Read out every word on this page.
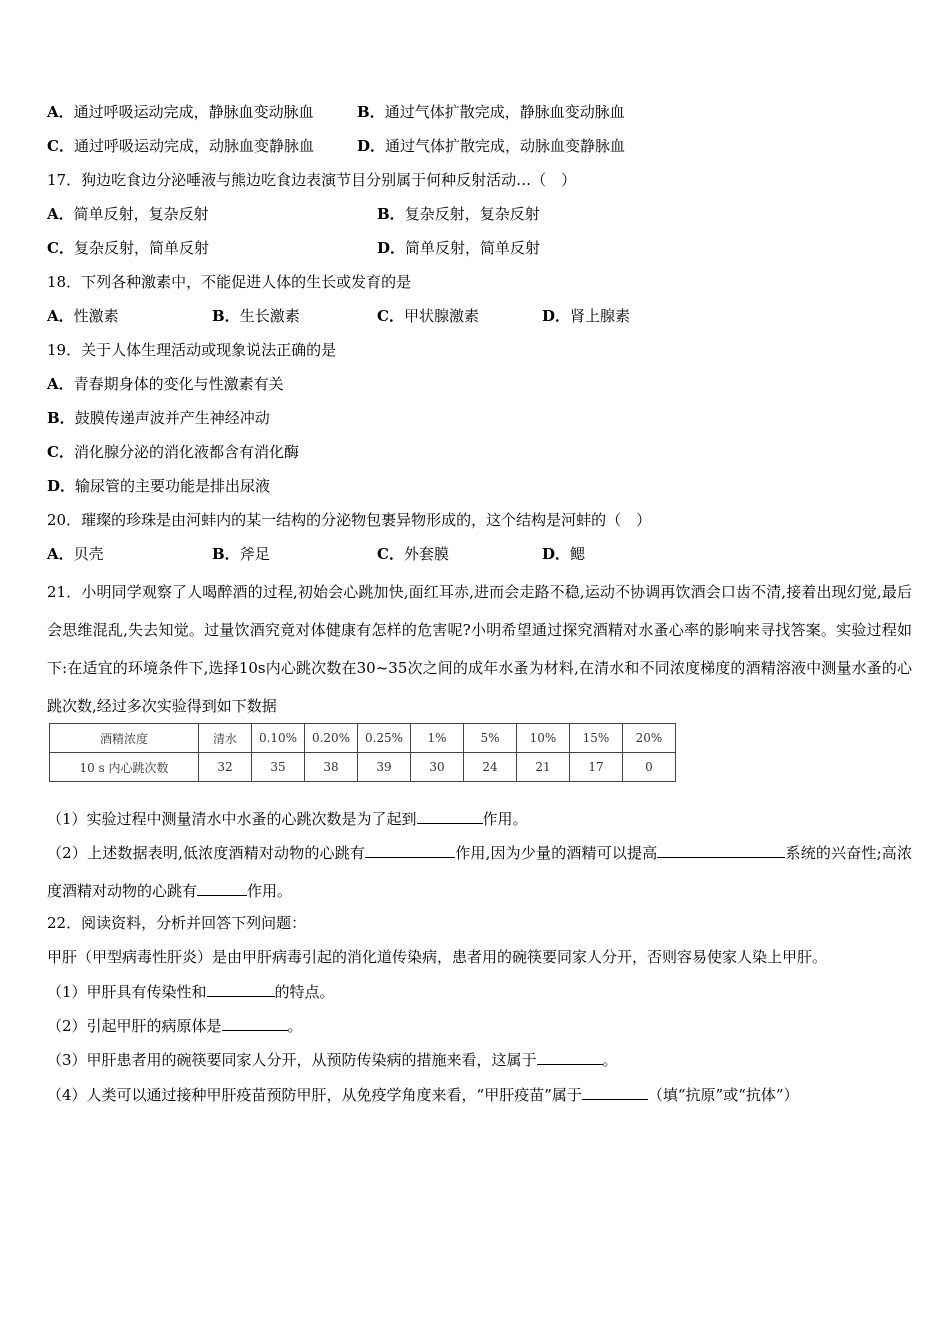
A．通过呼吸运动完成，静脉血变动脉血	B．通过气体扩散完成，静脉血变动脉血
C．通过呼吸运动完成，动脉血变静脉血	D．通过气体扩散完成，动脉血变静脉血
17．狗边吃食边分泌唾液与熊边吃食边表演节目分别属于何种反射活动…（　）
A．简单反射，复杂反射	B．复杂反射，复杂反射
C．复杂反射，简单反射	D．简单反射，简单反射
18．下列各种激素中，不能促进人体的生长或发育的是
A．性激素	B．生长激素	C．甲状腺激素	D．肾上腺素
19．关于人体生理活动或现象说法正确的是
A．青春期身体的变化与性激素有关
B．鼓膜传递声波并产生神经冲动
C．消化腺分泌的消化液都含有消化酶
D．输尿管的主要功能是排出尿液
20．璀璨的珍珠是由河蚌内的某一结构的分泌物包裹异物形成的，这个结构是河蚌的（　）
A．贝壳	B．斧足	C．外套膜	D．鳃
21．小明同学观察了人喝醉酒的过程,初始会心跳加快,面红耳赤,进而会走路不稳,运动不协调再饮酒会口齿不清,接着出现幻觉,最后会思维混乱,失去知觉。过量饮酒究竟对体健康有怎样的危害呢?小明希望通过探究酒精对水蚤心率的影响来寻找答案。实验过程如下:在适宜的环境条件下,选择10s内心跳次数在30~35次之间的成年水蚤为材料,在清水和不同浓度梯度的酒精溶液中测量水蚤的心跳次数,经过多次实验得到如下数据
酒精浓度	清水	0.10%	0.20%	0.25%	1%	5%	10%	15%	20%
10 s 内心跳次数	32	35	38	39	30	24	21	17	0
（1）实验过程中测量清水中水蚤的心跳次数是为了起到	作用。
（2）上述数据表明,低浓度酒精对动物的心跳有	作用,因为少量的酒精可以提高	系统的兴奋性;高浓度酒精对动物的心跳有	作用。
22．阅读资料，分析并回答下列问题：
甲肝（甲型病毒性肝炎）是由甲肝病毒引起的消化道传染病，患者用的碗筷要同家人分开，否则容易使家人染上甲肝。
（1）甲肝具有传染性和	的特点。
（2）引起甲肝的病原体是	。
（3）甲肝患者用的碗筷要同家人分开，从预防传染病的措施来看，这属于	。
（4）人类可以通过接种甲肝疫苗预防甲肝，从免疫学角度来看，“甲肝疫苗”属于	（填“抗原”或“抗体”）
